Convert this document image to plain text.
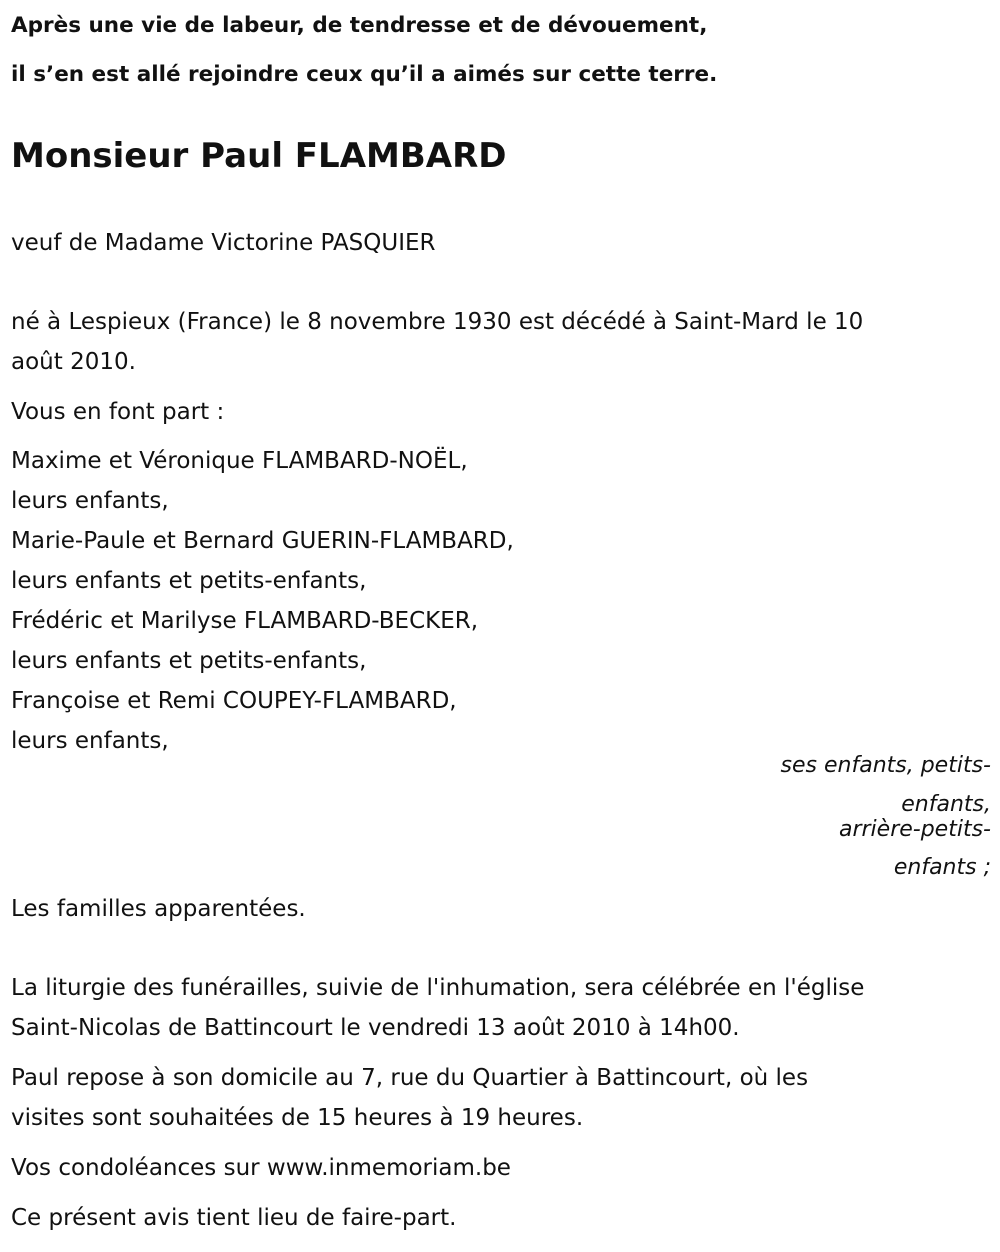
Après une vie de labeur, de tendresse et de dévouement,
il s’en est allé rejoindre ceux qu’il a aimés sur cette terre.
Monsieur Paul FLAMBARD
veuf de Madame Victorine PASQUIER
né à Lespieux (France) le 8 novembre 1930 est décédé à Saint-Mard le 10
août 2010.
Vous en font part :
Maxime et Véronique FLAMBARD-NOËL,
leurs enfants,
Marie-Paule et Bernard GUERIN-FLAMBARD,
leurs enfants et petits-enfants,
Frédéric et Marilyse FLAMBARD-BECKER,
leurs enfants et petits-enfants,
Françoise et Remi COUPEY-FLAMBARD,
leurs enfants,
ses enfants, petits-
enfants,
arrière-petits-
enfants ;
Les familles apparentées.
La liturgie des funérailles, suivie de l'inhumation, sera célébrée en l'église
Saint-Nicolas de Battincourt le vendredi 13 août 2010 à 14h00.
Paul repose à son domicile au 7, rue du Quartier à Battincourt, où les
visites sont souhaitées de 15 heures à 19 heures.
Vos condoléances sur www.inmemoriam.be
Ce présent avis tient lieu de faire-part.
